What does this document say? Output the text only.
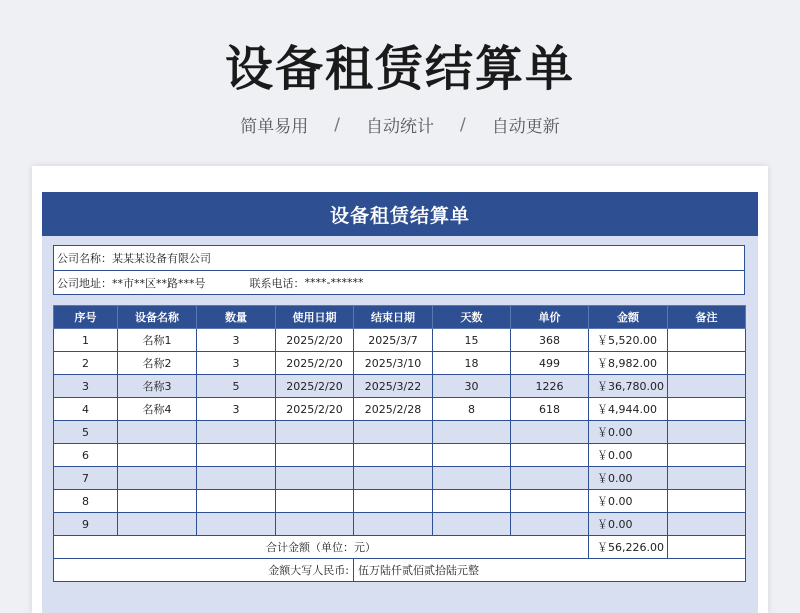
设备租赁结算单
简单易用 / 自动统计 / 自动更新
设备租赁结算单
公司名称： 某某某设备有限公司
公司地址： **市**区**路***号	联系电话： ****-******
序号	设备名称	数量	使用日期	结束日期	天数	单价	金额	备注
1	名称1	3	2025/2/20	2025/3/7	15	368	￥5,520.00	
2	名称2	3	2025/2/20	2025/3/10	18	499	￥8,982.00	
3	名称3	5	2025/2/20	2025/3/22	30	1226	￥36,780.00	
4	名称4	3	2025/2/20	2025/2/28	8	618	￥4,944.00	
5							￥0.00	
6							￥0.00	
7							￥0.00	
8							￥0.00	
9							￥0.00	
合计金额（单位：元）							￥56,226.00	
金额大写人民币:				伍万陆仟贰佰贰拾陆元整				
